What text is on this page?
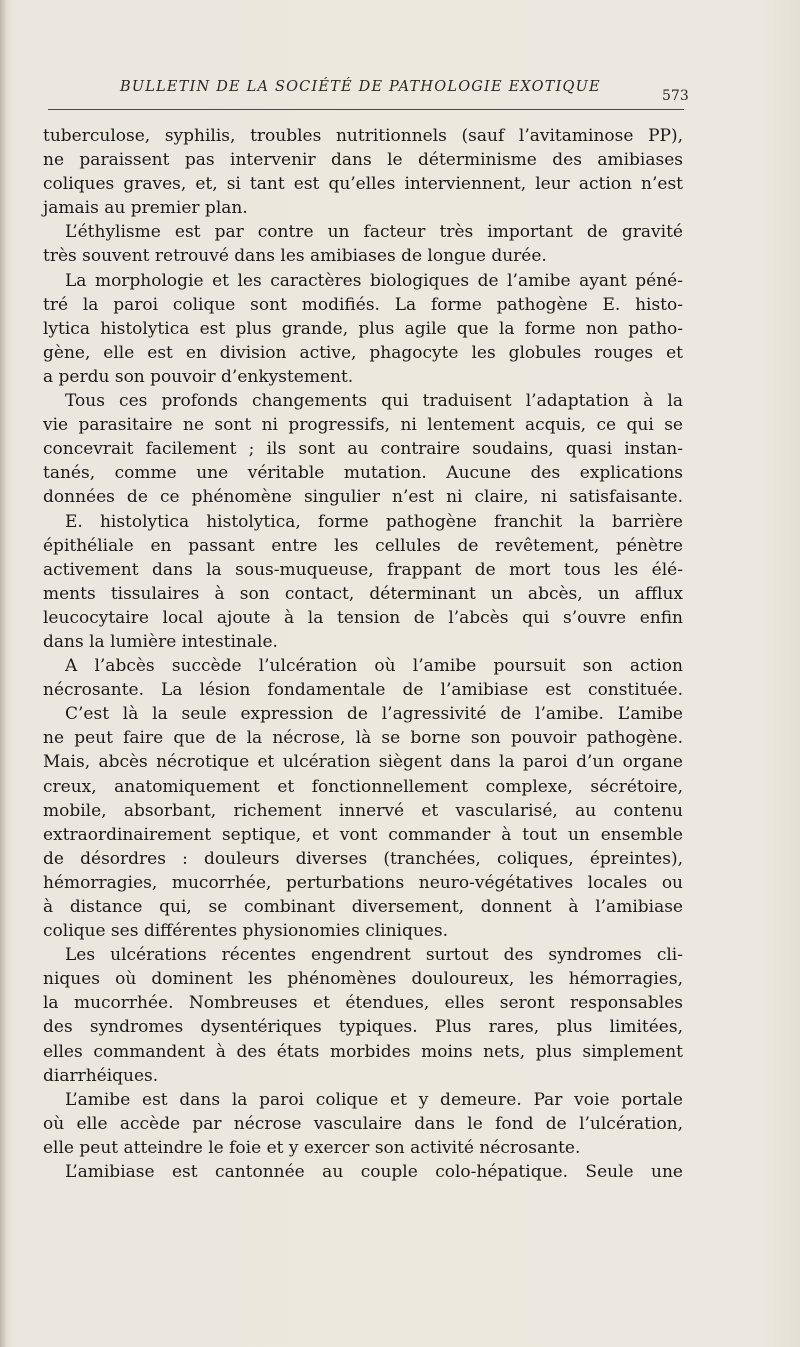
BULLETIN DE LA SOCIÉTÉ DE PATHOLOGIE EXOTIQUE
573
tuberculose, syphilis, troubles nutritionnels (sauf l’avitaminose PP),
ne paraissent pas intervenir dans le déterminisme des amibiases
coliques graves, et, si tant est qu’elles interviennent, leur action n’est
jamais au premier plan.
L’éthylisme est par contre un facteur très important de gravité
très souvent retrouvé dans les amibiases de longue durée.
La morphologie et les caractères biologiques de l’amibe ayant péné-
tré la paroi colique sont modifiés. La forme pathogène E. histo-
lytica histolytica est plus grande, plus agile que la forme non patho-
gène, elle est en division active, phagocyte les globules rouges et
a perdu son pouvoir d’enkystement.
Tous ces profonds changements qui traduisent l’adaptation à la
vie parasitaire ne sont ni progressifs, ni lentement acquis, ce qui se
concevrait facilement ; ils sont au contraire soudains, quasi instan-
tanés, comme une véritable mutation. Aucune des explications
données de ce phénomène singulier n’est ni claire, ni satisfaisante.
E. histolytica histolytica, forme pathogène franchit la barrière
épithéliale en passant entre les cellules de revêtement, pénètre
activement dans la sous-muqueuse, frappant de mort tous les élé-
ments tissulaires à son contact, déterminant un abcès, un afflux
leucocytaire local ajoute à la tension de l’abcès qui s’ouvre enfin
dans la lumière intestinale.
A l’abcès succède l’ulcération où l’amibe poursuit son action
nécrosante. La lésion fondamentale de l’amibiase est constituée.
C’est là la seule expression de l’agressivité de l’amibe. L’amibe
ne peut faire que de la nécrose, là se borne son pouvoir pathogène.
Mais, abcès nécrotique et ulcération siègent dans la paroi d’un organe
creux, anatomiquement et fonctionnellement complexe, sécrétoire,
mobile, absorbant, richement innervé et vascularisé, au contenu
extraordinairement septique, et vont commander à tout un ensemble
de désordres : douleurs diverses (tranchées, coliques, épreintes),
hémorragies, mucorrhée, perturbations neuro-végétatives locales ou
à distance qui, se combinant diversement, donnent à l’amibiase
colique ses différentes physionomies cliniques.
Les ulcérations récentes engendrent surtout des syndromes cli-
niques où dominent les phénomènes douloureux, les hémorragies,
la mucorrhée. Nombreuses et étendues, elles seront responsables
des syndromes dysentériques typiques. Plus rares, plus limitées,
elles commandent à des états morbides moins nets, plus simplement
diarrhéiques.
L’amibe est dans la paroi colique et y demeure. Par voie portale
où elle accède par nécrose vasculaire dans le fond de l’ulcération,
elle peut atteindre le foie et y exercer son activité nécrosante.
L’amibiase est cantonnée au couple colo-hépatique. Seule une
